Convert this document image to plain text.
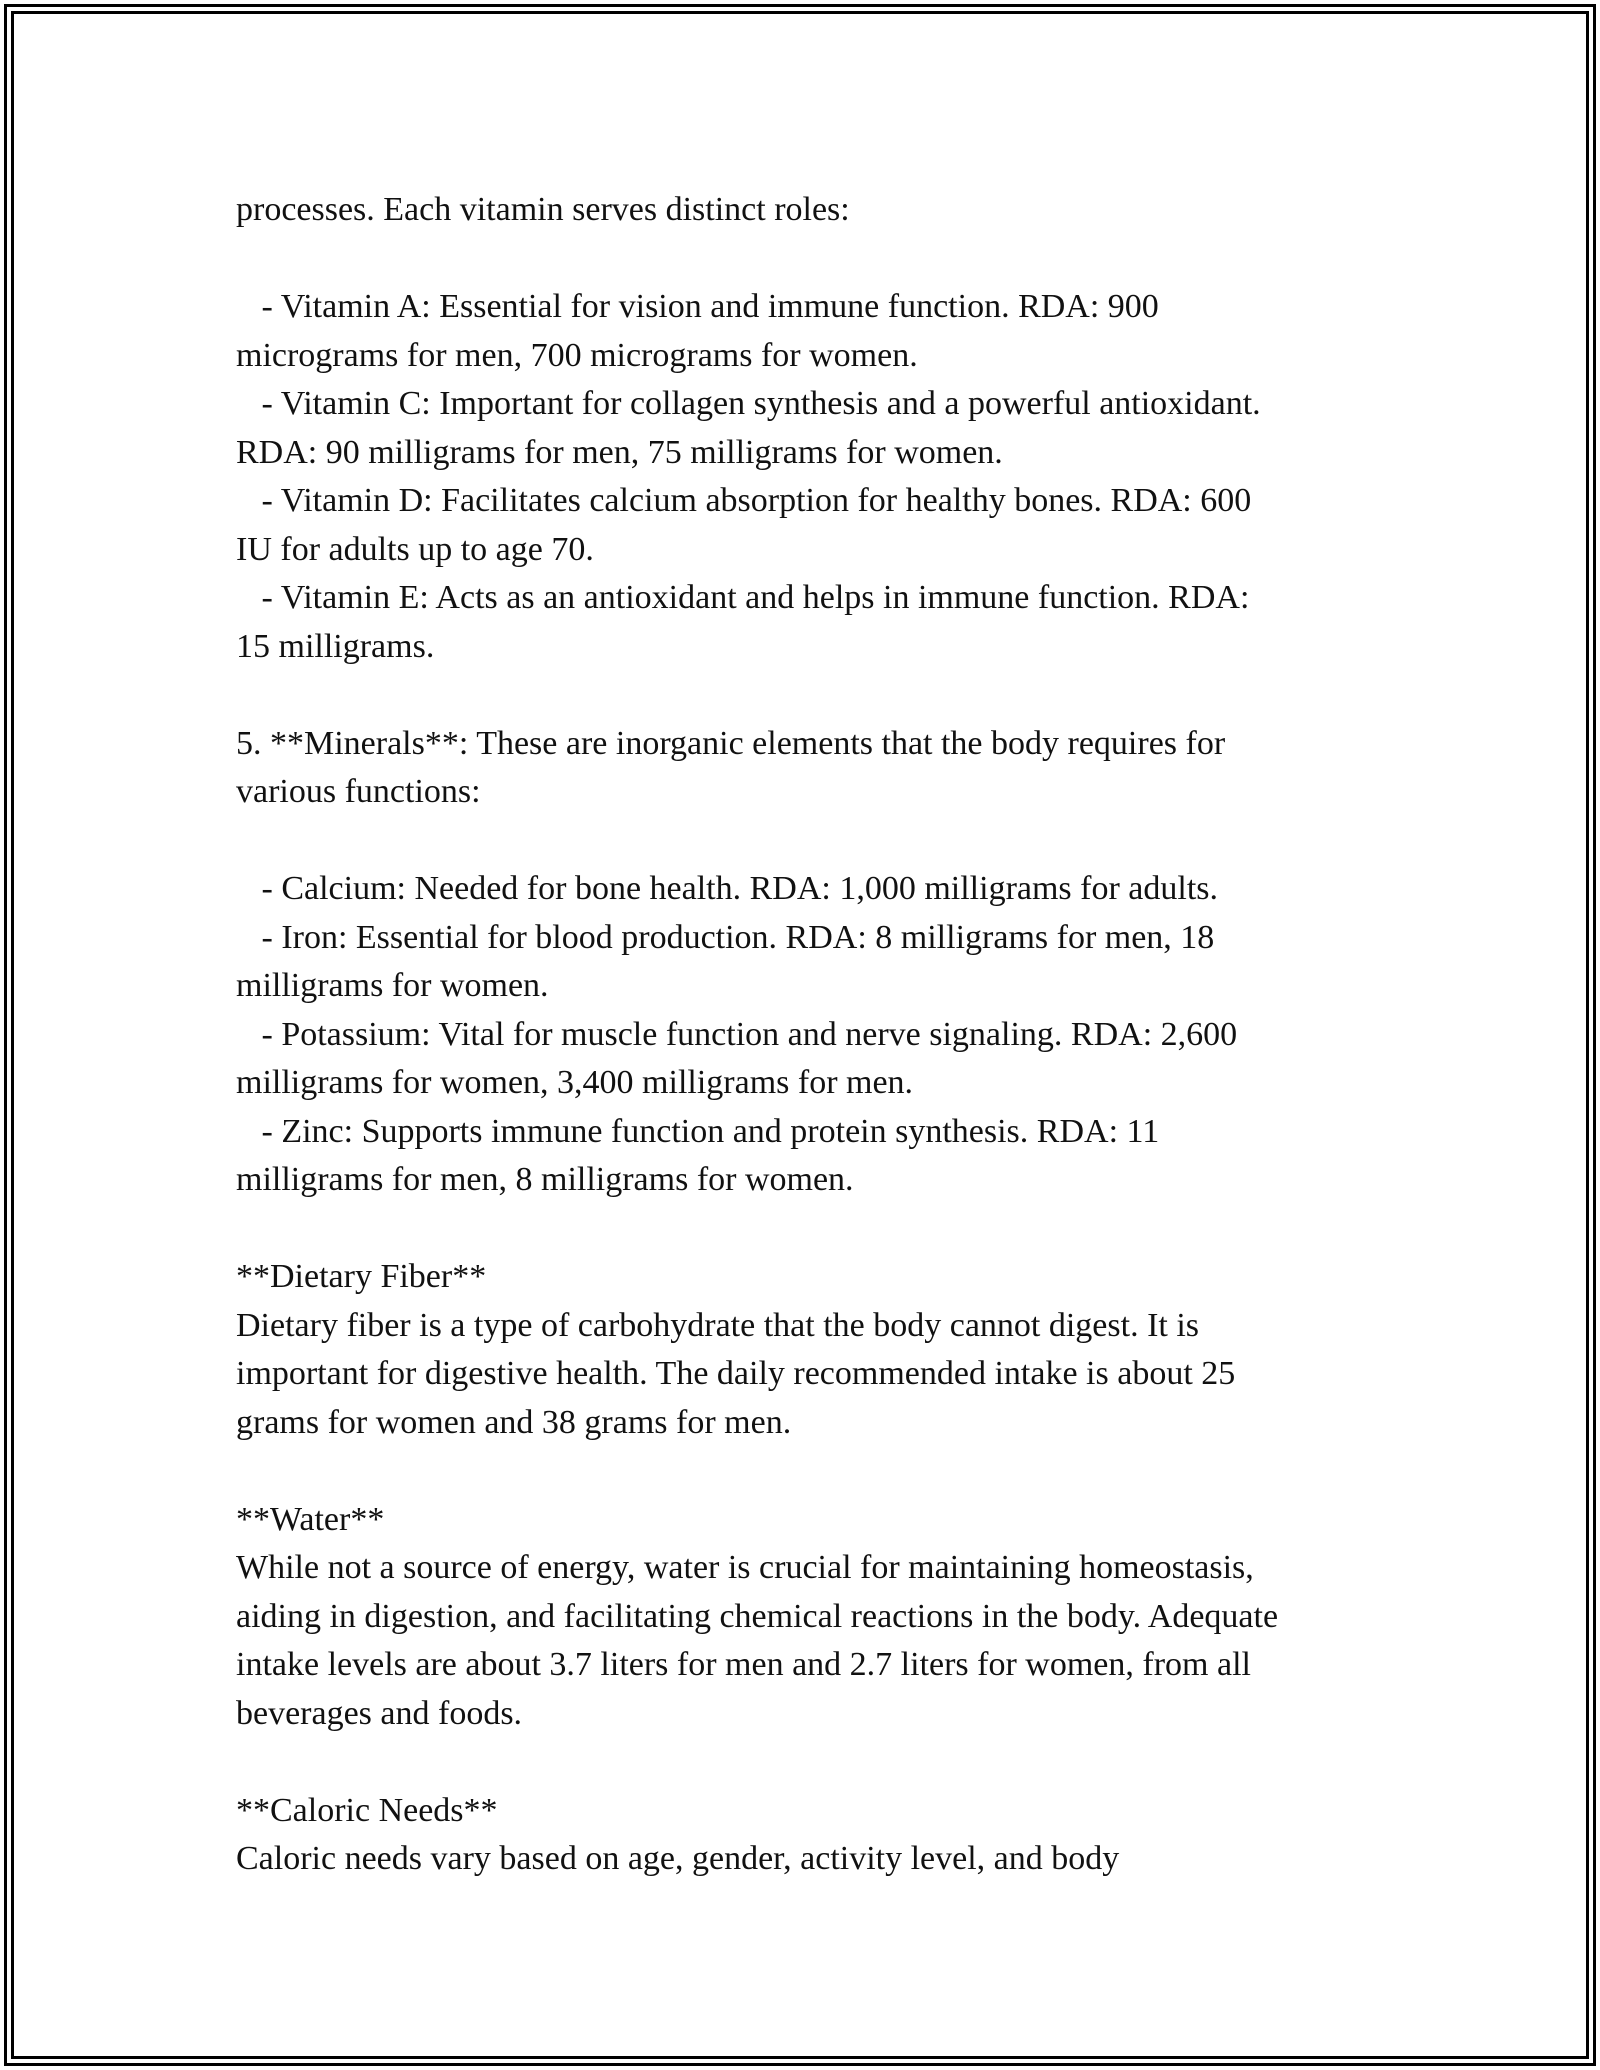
processes. Each vitamin serves distinct roles:
- Vitamin A: Essential for vision and immune function. RDA: 900
micrograms for men, 700 micrograms for women.
- Vitamin C: Important for collagen synthesis and a powerful antioxidant.
RDA: 90 milligrams for men, 75 milligrams for women.
- Vitamin D: Facilitates calcium absorption for healthy bones. RDA: 600
IU for adults up to age 70.
- Vitamin E: Acts as an antioxidant and helps in immune function. RDA:
15 milligrams.
5. **Minerals**: These are inorganic elements that the body requires for
various functions:
- Calcium: Needed for bone health. RDA: 1,000 milligrams for adults.
- Iron: Essential for blood production. RDA: 8 milligrams for men, 18
milligrams for women.
- Potassium: Vital for muscle function and nerve signaling. RDA: 2,600
milligrams for women, 3,400 milligrams for men.
- Zinc: Supports immune function and protein synthesis. RDA: 11
milligrams for men, 8 milligrams for women.
**Dietary Fiber**
Dietary fiber is a type of carbohydrate that the body cannot digest. It is
important for digestive health. The daily recommended intake is about 25
grams for women and 38 grams for men.
**Water**
While not a source of energy, water is crucial for maintaining homeostasis,
aiding in digestion, and facilitating chemical reactions in the body. Adequate
intake levels are about 3.7 liters for men and 2.7 liters for women, from all
beverages and foods.
**Caloric Needs**
Caloric needs vary based on age, gender, activity level, and body
